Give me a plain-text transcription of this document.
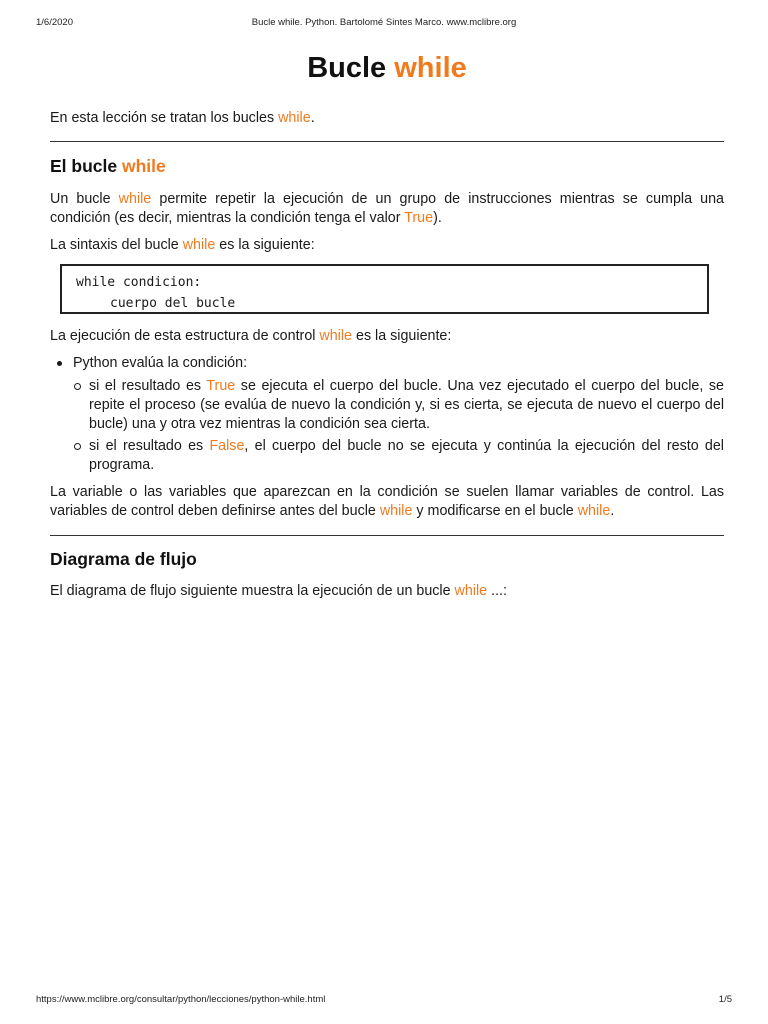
1/6/2020	Bucle while. Python. Bartolomé Sintes Marco. www.mclibre.org
Bucle while

En esta lección se tratan los bucles while.

El bucle while

Un bucle while permite repetir la ejecución de un grupo de instrucciones mientras se cumpla una condición (es decir, mientras la condición tenga el valor True).

La sintaxis del bucle while es la siguiente:

while condicion:
cuerpo del bucle

La ejecución de esta estructura de control while es la siguiente:

Python evalúa la condición:

si el resultado es True se ejecuta el cuerpo del bucle. Una vez ejecutado el cuerpo del bucle, se repite el proceso (se evalúa de nuevo la condición y, si es cierta, se ejecuta de nuevo el cuerpo del bucle) una y otra vez mientras la condición sea cierta.

si el resultado es False, el cuerpo del bucle no se ejecuta y continúa la ejecución del resto del programa.

La variable o las variables que aparezcan en la condición se suelen llamar variables de control. Las variables de control deben definirse antes del bucle while y modificarse en el bucle while.

Diagrama de flujo

El diagrama de flujo siguiente muestra la ejecución de un bucle while ...:

https://www.mclibre.org/consultar/python/lecciones/python-while.html	1/5
